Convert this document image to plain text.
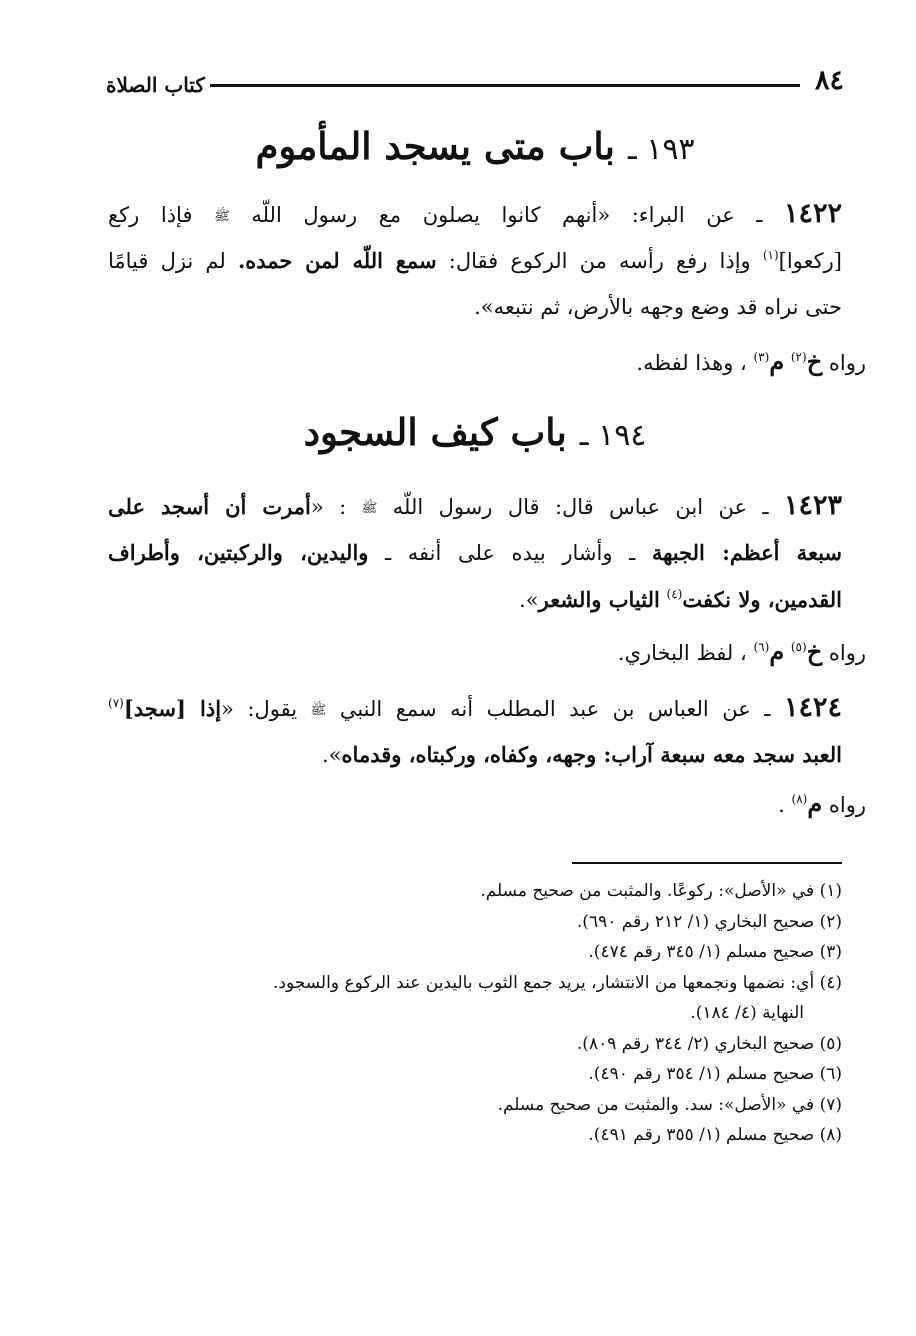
٨٤
كتاب الصلاة
١٩٣ ـ باب متى يسجد المأموم
١٤٢٢ ـ عن البراء: «أنهم كانوا يصلون مع رسول اللّه ﷺ فإذا ركع
[ركعوا]$^{(١)}$ وإذا رفع رأسه من الركوع فقال: سمع اللّه لمن حمده. لم نزل قيامًا
حتى نراه قد وضع وجهه بالأرض، ثم نتبعه».
رواه خ$^{(٢)}$ م$^{(٣)}$ ، وهذا لفظه.
١٩٤ ـ باب كيف السجود
١٤٢٣ ـ عن ابن عباس قال: قال رسول اللّه ﷺ : «أمرت أن أسجد على
سبعة أعظم: الجبهة ـ وأشار بيده على أنفه ـ واليدين، والركبتين، وأطراف
القدمين، ولا نكفت$^{(٤)}$ الثياب والشعر».
رواه خ$^{(٥)}$ م$^{(٦)}$ ، لفظ البخاري.
١٤٢٤ ـ عن العباس بن عبد المطلب أنه سمع النبي ﷺ يقول: «إذا [سجد]$^{(٧)}$
العبد سجد معه سبعة آراب: وجهه، وكفاه، وركبتاه، وقدماه».
رواه م$^{(٨)}$ .
(١) في «الأصل»: ركوعًا. والمثبت من صحيح مسلم.
(٢) صحيح البخاري (١/ ٢١٢ رقم ٦٩٠).
(٣) صحيح مسلم (١/ ٣٤٥ رقم ٤٧٤).
(٤) أي: نضمها ونجمعها من الانتشار، يريد جمع الثوب باليدين عند الركوع والسجود.
النهاية (٤/ ١٨٤).
(٥) صحيح البخاري (٢/ ٣٤٤ رقم ٨٠٩).
(٦) صحيح مسلم (١/ ٣٥٤ رقم ٤٩٠).
(٧) في «الأصل»: سد. والمثبت من صحيح مسلم.
(٨) صحيح مسلم (١/ ٣٥٥ رقم ٤٩١).
